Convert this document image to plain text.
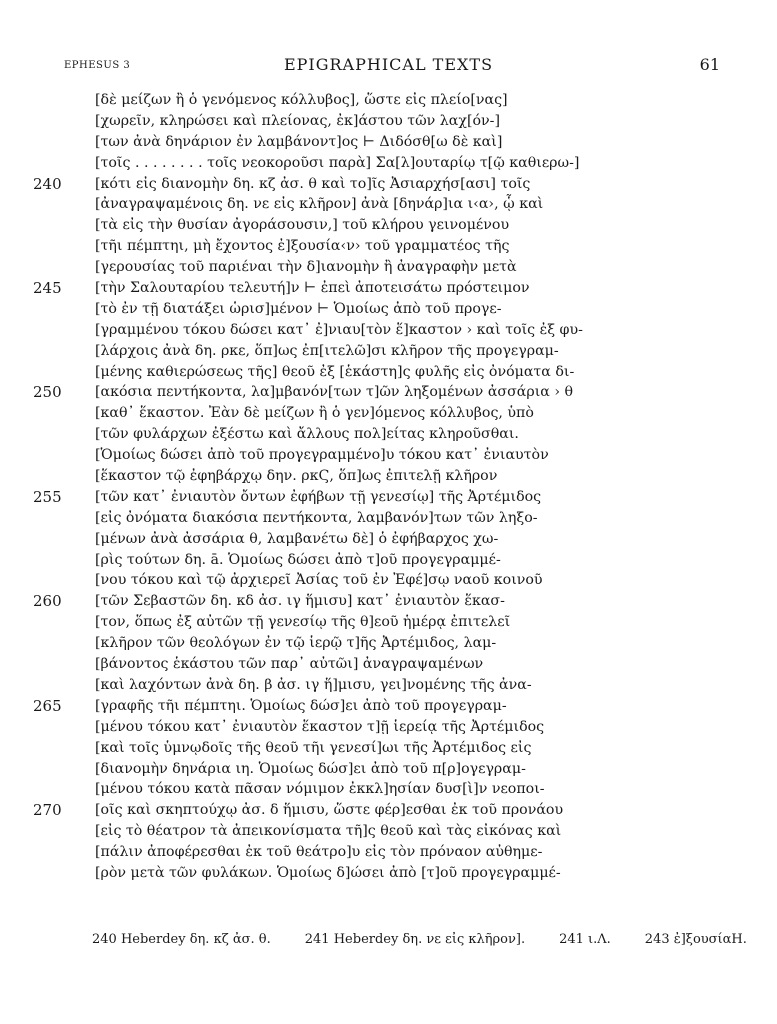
EPHESUS 3	EPIGRAPHICAL TEXTS	61
[δὲ μείζων ἢ ὁ γενόμενος κόλλυβος], ὥστε εἰς πλείο[νας]
[χωρεῖν, κληρώσει καὶ πλείονας, ἐκ]άστου τῶν λαχ[όν-]
[των ἀνὰ δηνάριον ἐν λαμβάνοντ]ος ⊢ Διδόσθ[ω δὲ καὶ]
[τοῖς . . . . . . . . τοῖς νεοκοροῦσι παρὰ] Σα[λ]ουταρίῳ τ[ῷ καθιερω-]
240	[κότι εἰς διανομὴν δη. κζ ἀσ. θ καὶ το]ῖς Ἀσιαρχήσ[ασι] τοῖς
[ἀναγραψαμένοις δη. νε εἰς κλῆρον] ἀνὰ [δηνάρ]ια ι‹α›, ᾧ καὶ
[τὰ εἰς τὴν θυσίαν ἀγοράσουσιν,] τοῦ κλήρου γεινομένου
[τῆι πέμπτηι, μὴ ἔχοντος ἐ]ξουσία‹ν› τοῦ γραμματέος τῆς
[γερουσίας τοῦ παριέναι τὴν δ]ιανομὴν ἢ ἀναγραφὴν μετὰ
245	[τὴν Σαλουταρίου τελευτή]ν ⊢ ἐπεὶ ἀποτεισάτω πρόστειμον
[τὸ ἐν τῇ διατάξει ὡρισ]μένον ⊢ Ὁμοίως ἀπὸ τοῦ προγε-
[γραμμένου τόκου δώσει κατ᾽ ἐ]νιαυ[τὸν ἕ]καστον › καὶ τοῖς ἐξ φυ-
[λάρχοις ἀνὰ δη. ρκε, ὅπ]ως ἐπ[ιτελῶ]σι κλῆρον τῆς προγεγραμ-
[μένης καθιερώσεως τῆς] θεοῦ ἐξ [ἑκάστη]ς φυλῆς εἰς ὀνόματα δι-
250	[ακόσια πεντήκοντα, λα]μβανόν[των τ]ῶν ληξομένων ἀσσάρια › θ
[καθ᾽ ἕκαστον. Ἐὰν δὲ μείζων ἢ ὁ γεν]όμενος κόλλυβος, ὑπὸ
[τῶν φυλάρχων ἐξέστω καὶ ἄλλους πολ]είτας κληροῦσθαι.
[Ὁμοίως δώσει ἀπὸ τοῦ προγεγραμμένο]υ τόκου κατ᾽ ἐνιαυτὸν
[ἕκαστον τῷ ἐφηβάρχῳ δην. ρκϚ, ὅπ]ως ἐπιτελῇ κλῆρον
255	[τῶν κατ᾽ ἐνιαυτὸν ὄντων ἐφήβων τῇ γενεσίῳ] τῆς Ἀρτέμιδος
[εἰς ὀνόματα διακόσια πεντήκοντα, λαμβανόν]των τῶν ληξο-
[μένων ἀνὰ ἀσσάρια θ, λαμβανέτω δὲ] ὁ ἐφήβαρχος χω-
[ρὶς τούτων δη. ā. Ὁμοίως δώσει ἀπὸ τ]οῦ προγεγραμμέ-
[νου τόκου καὶ τῷ ἀρχιερεῖ Ἀσίας τοῦ ἐν Ἐφέ]σῳ ναοῦ κοινοῦ
260	[τῶν Σεβαστῶν δη. κδ ἀσ. ιγ ἥμισυ] κατ᾽ ἐνιαυτὸν ἕκασ-
[τον, ὅπως ἐξ αὐτῶν τῇ γενεσίῳ τῆς θ]εοῦ ἡμέρᾳ ἐπιτελεῖ
[κλῆρον τῶν θεολόγων ἐν τῷ ἱερῷ τ]ῆς Ἀρτέμιδος, λαμ-
[βάνοντος ἑκάστου τῶν παρ᾽ αὐτῶι] ἀναγραψαμένων
[καὶ λαχόντων ἀνὰ δη. β ἀσ. ιγ ἥ]μισυ, γει]νομένης τῆς ἀνα-
265	[γραφῆς τῆι πέμπτηι. Ὁμοίως δώσ]ει ἀπὸ τοῦ προγεγραμ-
[μένου τόκου κατ᾽ ἐνιαυτὸν ἕκαστον τ]ῇ ἱερείᾳ τῆς Ἀρτέμιδος
[καὶ τοῖς ὑμνῳδοῖς τῆς θεοῦ τῆι γενεσί]ωι τῆς Ἀρτέμιδος εἰς
[διανομὴν δηνάρια ιη. Ὁμοίως δώσ]ει ἀπὸ τοῦ π[ρ]ογεγραμ-
[μένου τόκου κατὰ πᾶσαν νόμιμον ἐκκλ]ησίαν δυσ[ὶ]ν νεοποι-
270	[οῖς καὶ σκηπτούχῳ ἀσ. δ ἥμισυ, ὥστε φέρ]εσθαι ἐκ τοῦ προνάου
[εἰς τὸ θέατρον τὰ ἀπεικονίσματα τῆ]ς θεοῦ καὶ τὰς εἰκόνας καὶ
[πάλιν ἀποφέρεσθαι ἐκ τοῦ θεάτρο]υ εἰς τὸν πρόναον αὐθημε-
[ρὸν μετὰ τῶν φυλάκων. Ὁμοίως δ]ώσει ἀπὸ [τ]οῦ προγεγραμμέ-
240 Heberdey δη. κζ ἀσ. θ.	241 Heberdey δη. νε εἰς κλῆρον].	241 ι.Λ.	243 ἐ]ξουσίαH.
